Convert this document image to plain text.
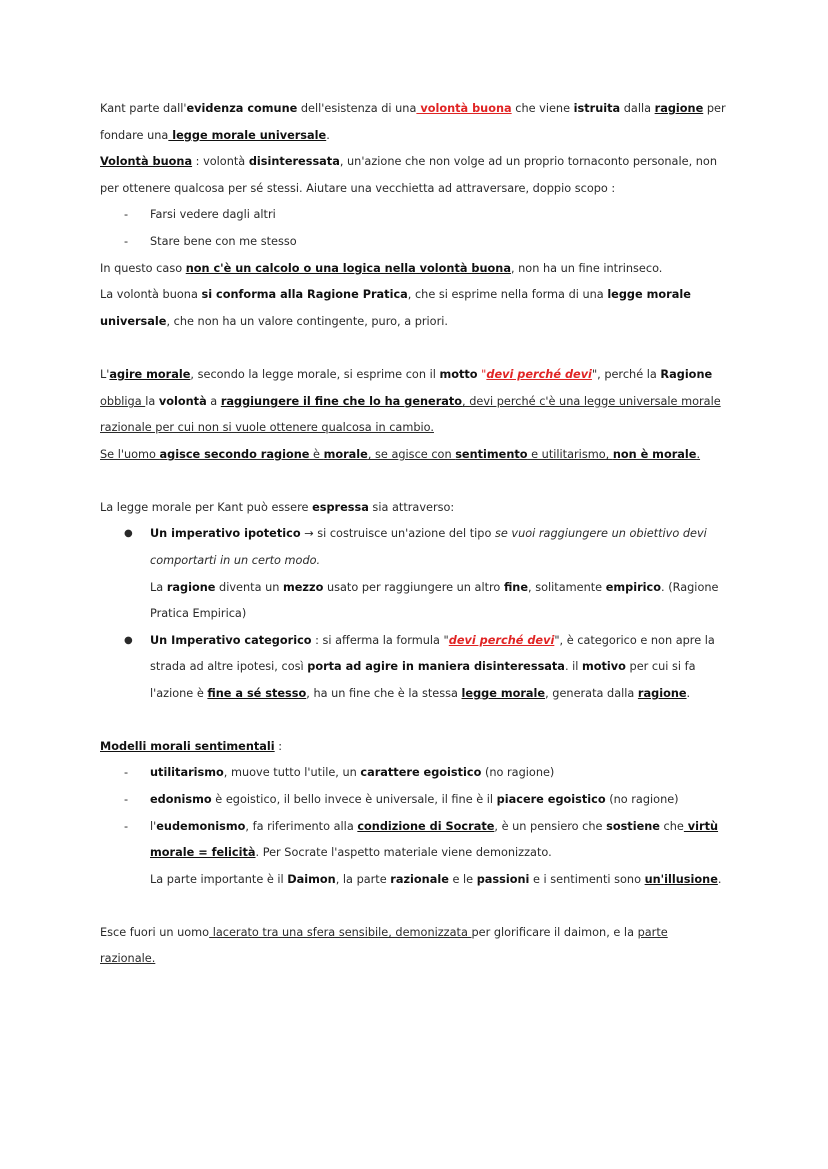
Kant parte dall'evidenza comune dell'esistenza di una volontà buona che viene istruita dalla ragione per
fondare una legge morale universale.
Volontà buona : volontà disinteressata, un'azione che non volge ad un proprio tornaconto personale, non
per ottenere qualcosa per sé stessi. Aiutare una vecchietta ad attraversare, doppio scopo :
- Farsi vedere dagli altri
- Stare bene con me stesso
In questo caso non c'è un calcolo o una logica nella volontà buona, non ha un fine intrinseco.
La volontà buona si conforma alla Ragione Pratica, che si esprime nella forma di una legge morale
universale, che non ha un valore contingente, puro, a priori.
L'agire morale, secondo la legge morale, si esprime con il motto "devi perché devi", perché la Ragione
obbliga la volontà a raggiungere il fine che lo ha generato, devi perché c'è una legge universale morale
razionale per cui non si vuole ottenere qualcosa in cambio.
Se l'uomo agisce secondo ragione è morale, se agisce con sentimento e utilitarismo, non è morale.
La legge morale per Kant può essere espressa sia attraverso:
● Un imperativo ipotetico → si costruisce un'azione del tipo se vuoi raggiungere un obiettivo devi
comportarti in un certo modo.
La ragione diventa un mezzo usato per raggiungere un altro fine, solitamente empirico. (Ragione
Pratica Empirica)
● Un Imperativo categorico : si afferma la formula "devi perché devi", è categorico e non apre la
strada ad altre ipotesi, così porta ad agire in maniera disinteressata. il motivo per cui si fa
l'azione è fine a sé stesso, ha un fine che è la stessa legge morale, generata dalla ragione.
Modelli morali sentimentali :
- utilitarismo, muove tutto l'utile, un carattere egoistico (no ragione)
- edonismo è egoistico, il bello invece è universale, il fine è il piacere egoistico (no ragione)
- l'eudemonismo, fa riferimento alla condizione di Socrate, è un pensiero che sostiene che virtù
morale = felicità. Per Socrate l'aspetto materiale viene demonizzato.
La parte importante è il Daimon, la parte razionale e le passioni e i sentimenti sono un'illusione.
Esce fuori un uomo lacerato tra una sfera sensibile, demonizzata per glorificare il daimon, e la parte
razionale.
